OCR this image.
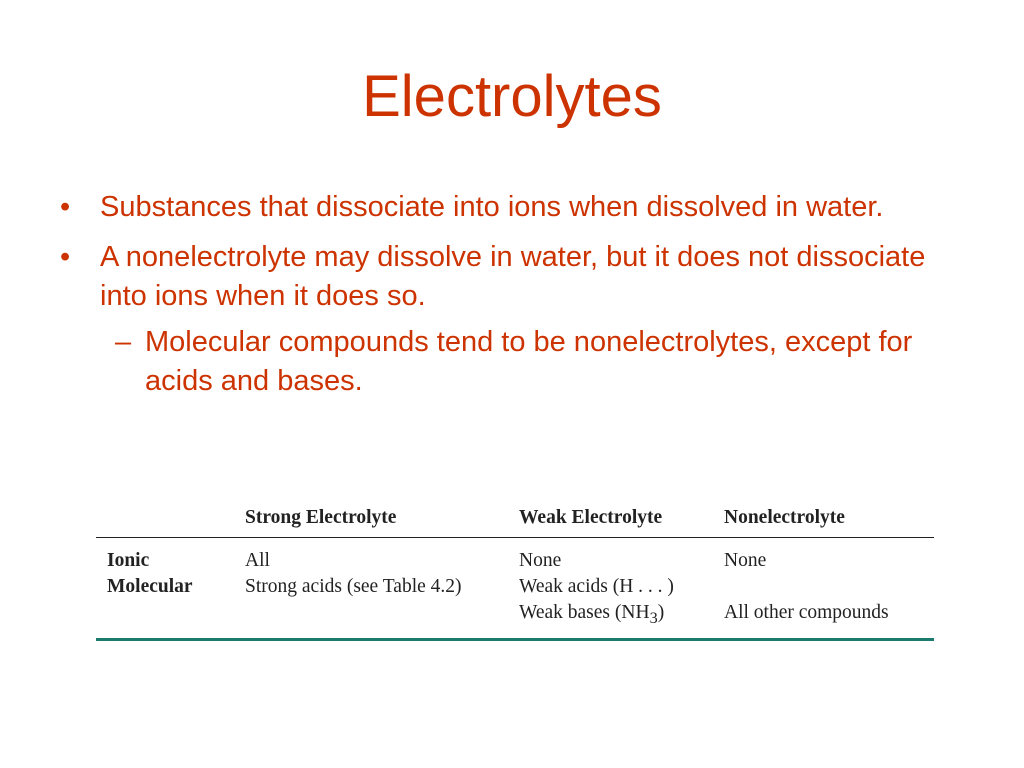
Electrolytes
• Substances that dissociate into ions when dissolved in water.
• A nonelectrolyte may dissolve in water, but it does not dissociate into ions when it does so.
– Molecular compounds tend to be nonelectrolytes, except for acids and bases.
	Strong Electrolyte	Weak Electrolyte	Nonelectrolyte
Ionic	All	None	None
Molecular	Strong acids (see Table 4.2)	Weak acids (H . . . )	
		Weak bases $(NH_3)$	All other compounds
